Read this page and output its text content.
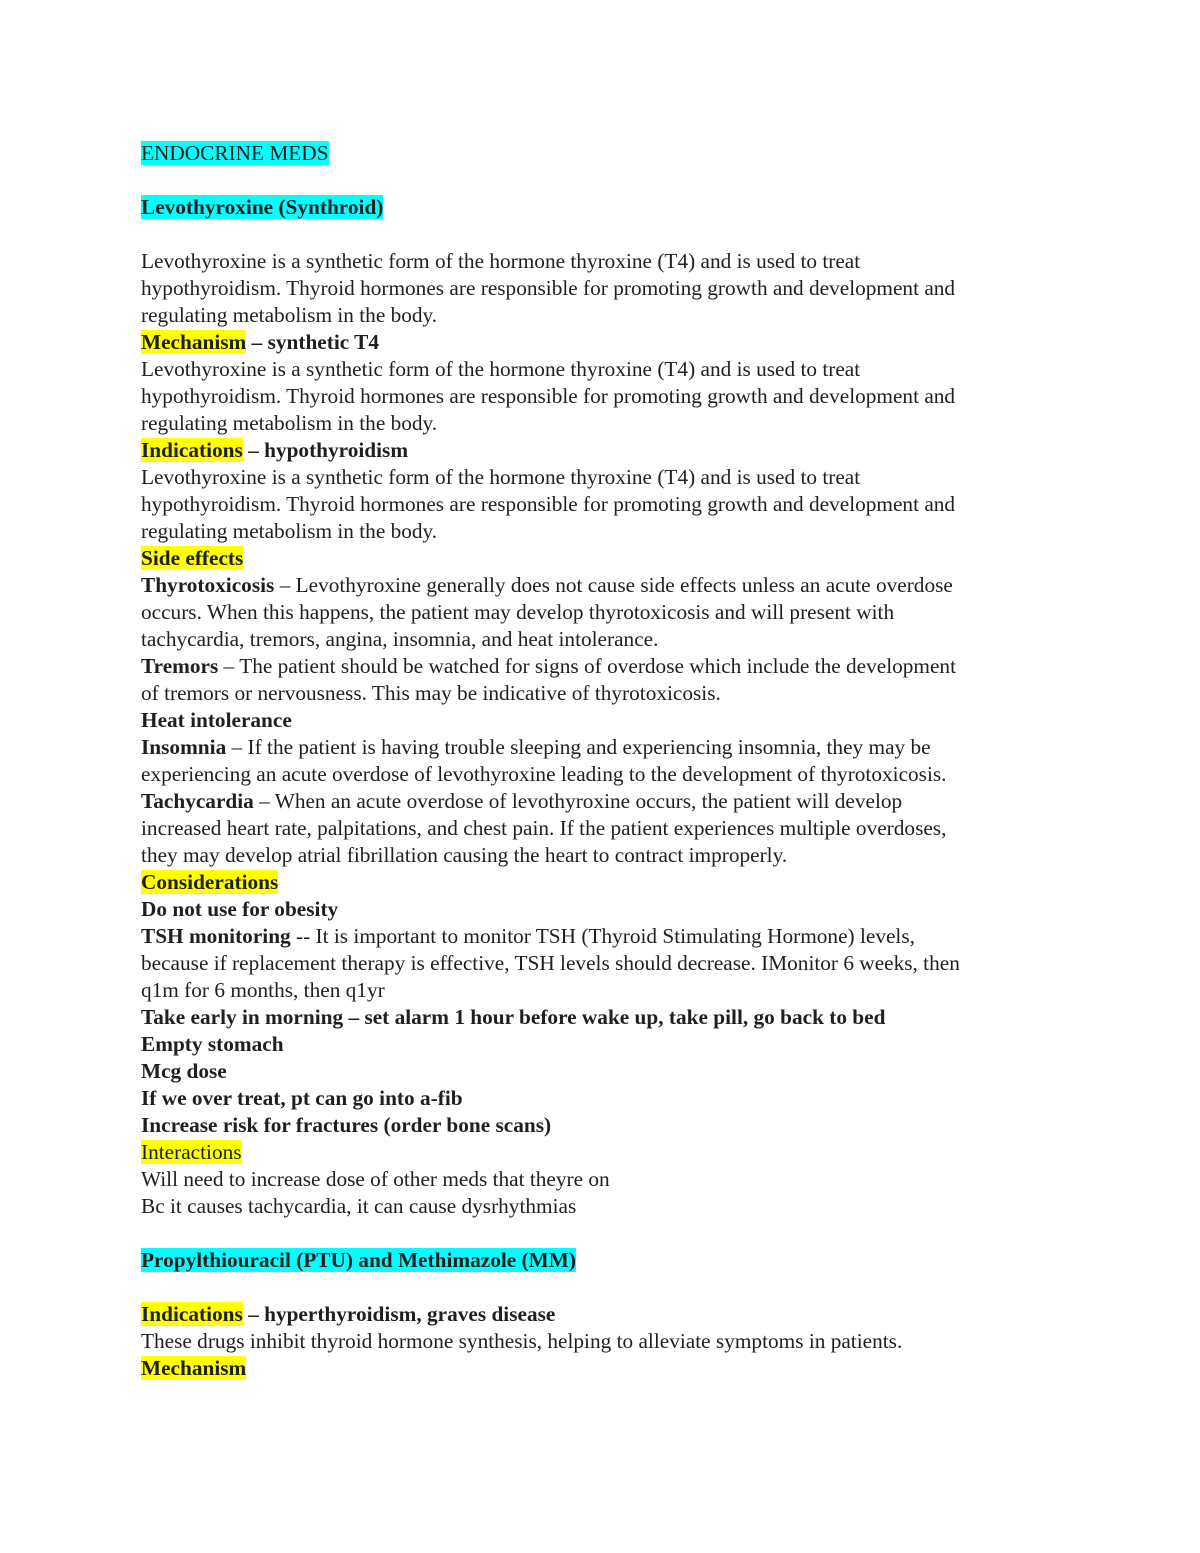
ENDOCRINE MEDS

Levothyroxine (Synthroid)

Levothyroxine is a synthetic form of the hormone thyroxine (T4) and is used to treat

hypothyroidism. Thyroid hormones are responsible for promoting growth and development and

regulating metabolism in the body.

Mechanism – synthetic T4

Levothyroxine is a synthetic form of the hormone thyroxine (T4) and is used to treat

hypothyroidism. Thyroid hormones are responsible for promoting growth and development and

regulating metabolism in the body.

Indications – hypothyroidism

Levothyroxine is a synthetic form of the hormone thyroxine (T4) and is used to treat

hypothyroidism. Thyroid hormones are responsible for promoting growth and development and

regulating metabolism in the body.

Side effects

Thyrotoxicosis – Levothyroxine generally does not cause side effects unless an acute overdose

occurs. When this happens, the patient may develop thyrotoxicosis and will present with

tachycardia, tremors, angina, insomnia, and heat intolerance.

Tremors – The patient should be watched for signs of overdose which include the development

of tremors or nervousness. This may be indicative of thyrotoxicosis.

Heat intolerance

Insomnia – If the patient is having trouble sleeping and experiencing insomnia, they may be

experiencing an acute overdose of levothyroxine leading to the development of thyrotoxicosis.

Tachycardia – When an acute overdose of levothyroxine occurs, the patient will develop

increased heart rate, palpitations, and chest pain. If the patient experiences multiple overdoses,

they may develop atrial fibrillation causing the heart to contract improperly.

Considerations

Do not use for obesity

TSH monitoring -- It is important to monitor TSH (Thyroid Stimulating Hormone) levels,

because if replacement therapy is effective, TSH levels should decrease. IMonitor 6 weeks, then

q1m for 6 months, then q1yr

Take early in morning – set alarm 1 hour before wake up, take pill, go back to bed

Empty stomach

Mcg dose

If we over treat, pt can go into a-fib

Increase risk for fractures (order bone scans)

Interactions

Will need to increase dose of other meds that theyre on

Bc it causes tachycardia, it can cause dysrhythmias

Propylthiouracil (PTU) and Methimazole (MM)

Indications – hyperthyroidism, graves disease

These drugs inhibit thyroid hormone synthesis, helping to alleviate symptoms in patients.

Mechanism
